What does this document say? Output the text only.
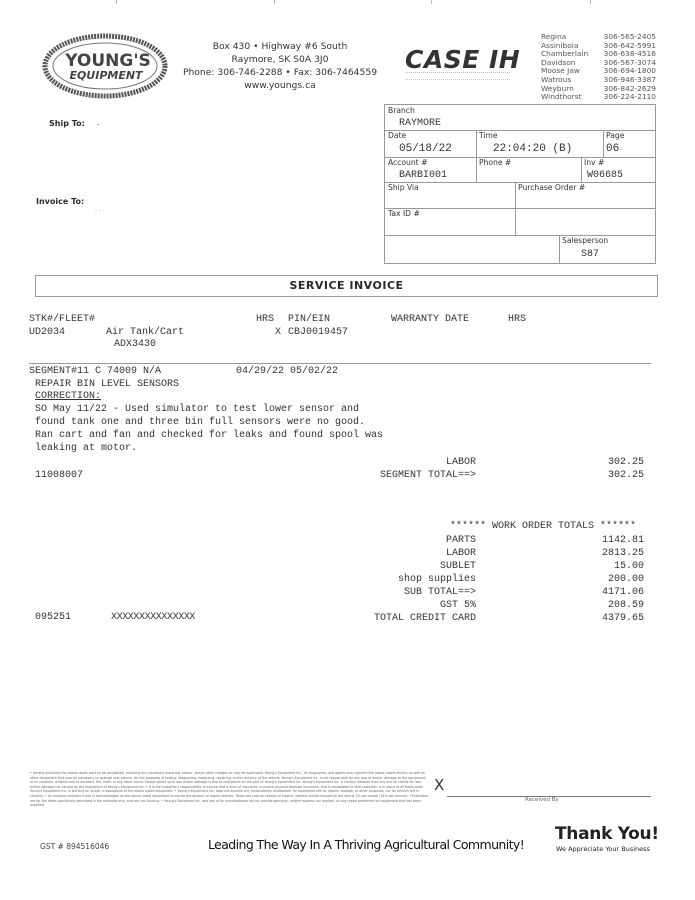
YOUNG'S
EQUIPMENT
Box 430 • Highway #6 South
Raymore, SK S0A 3J0
Phone: 306-746-2288 • Fax: 306-7464559
www.youngs.ca
CASE IH
Regina	306-565-2405
Assiniboia	306-642-5991
Chamberlain 306-638-4516
Davidson	306-567-3074
Moose Jaw	306-694-1800
Watrous	306-946-3387
Weyburn	306-842-2629
Windthorst	306-224-2110
Ship To: .
Invoice To:
- -
Branch
RAYMORE
Date
05/18/22
Time
22:04:20 (B)
Page
06
Account #
BARBI001
Phone #	Inv #
W06685
Ship Via	Purchase Order #
Tax ID #
Salesperson
S87
SERVICE INVOICE
STK#/FLEET#	HRS PIN/EIN	WARRANTY DATE	HRS
UD2034	Air Tank/Cart	X CBJ0019457
ADX3430
SEGMENT#11 C 74009 N/A	04/29/22 05/02/22
REPAIR BIN LEVEL SENSORS
CORRECTION:
SO May 11/22 - Used simulator to test lower sensor and
found tank one and three bin full sensors were no good.
Ran cart and fan and checked for leaks and found spool was
leaking at motor.
LABOR	302.25
11008007	SEGMENT TOTAL==>	302.25
****** WORK ORDER TOTALS ******
PARTS	1142.81
LABOR	2813.25
SUBLET	15.00
shop supplies	200.00
SUB TOTAL==>	4171.06
GST 5%	208.59
TOTAL CREDIT CARD	4379.65
095251	XXXXXXXXXXXXXXX
• Hereby authorize the above repair work to be completed, including any necessary materials, labour, and/or other charges as may be applicable. Young's Equipment Inc., its employees, and agents may operate the above noted vehicle, as well as other equipment that may be necessary to operate said vehicle, for the purposes of testing, diagnosing, inspecting, repairing, and/or delivery of the vehicle. Young's Equipment Inc. is not responsible for any loss of and/or damage to the equipment, or its contents, whether due to accident, fire, theft, or any other cause, except where such loss and/or damage is due to negligence on the part of Young's Equipment Inc. Young's Equipment Inc. is hereby released from any and all claims for loss and/or damage not caused by the negligence of Young's Equipment Inc. • It is the customer's responsibility to ensure that a level of insurance, including physical damage insurance, that is acceptable to that customer, is in place at all times while Young's Equipment Inc. is working on and/or in possession of the above noted equipment. • Young's Equipment Inc. does not assume any responsibility whatsoever for equipment left for repairs, storage, or other purposes, nor for articles left in vehicles. • An express mechanic's lien is acknowledged on the above noted equipment to secure the amount of repairs thereto. Terms are cash on receipt of invoice; interest will be charged at the rate of 2% per month (24% per annum). • Estimates are for the items specifically described in the estimate only, and are non-binding. • Young's Equipment Inc. and any of its manufacturers do not provide warranty, neither express nor implied, on any repair performed on equipment that has been modified.
X
Received By
GST # 894516046	Leading The Way In A Thriving Agricultural Community!
Thank You!
We Appreciate Your Business
